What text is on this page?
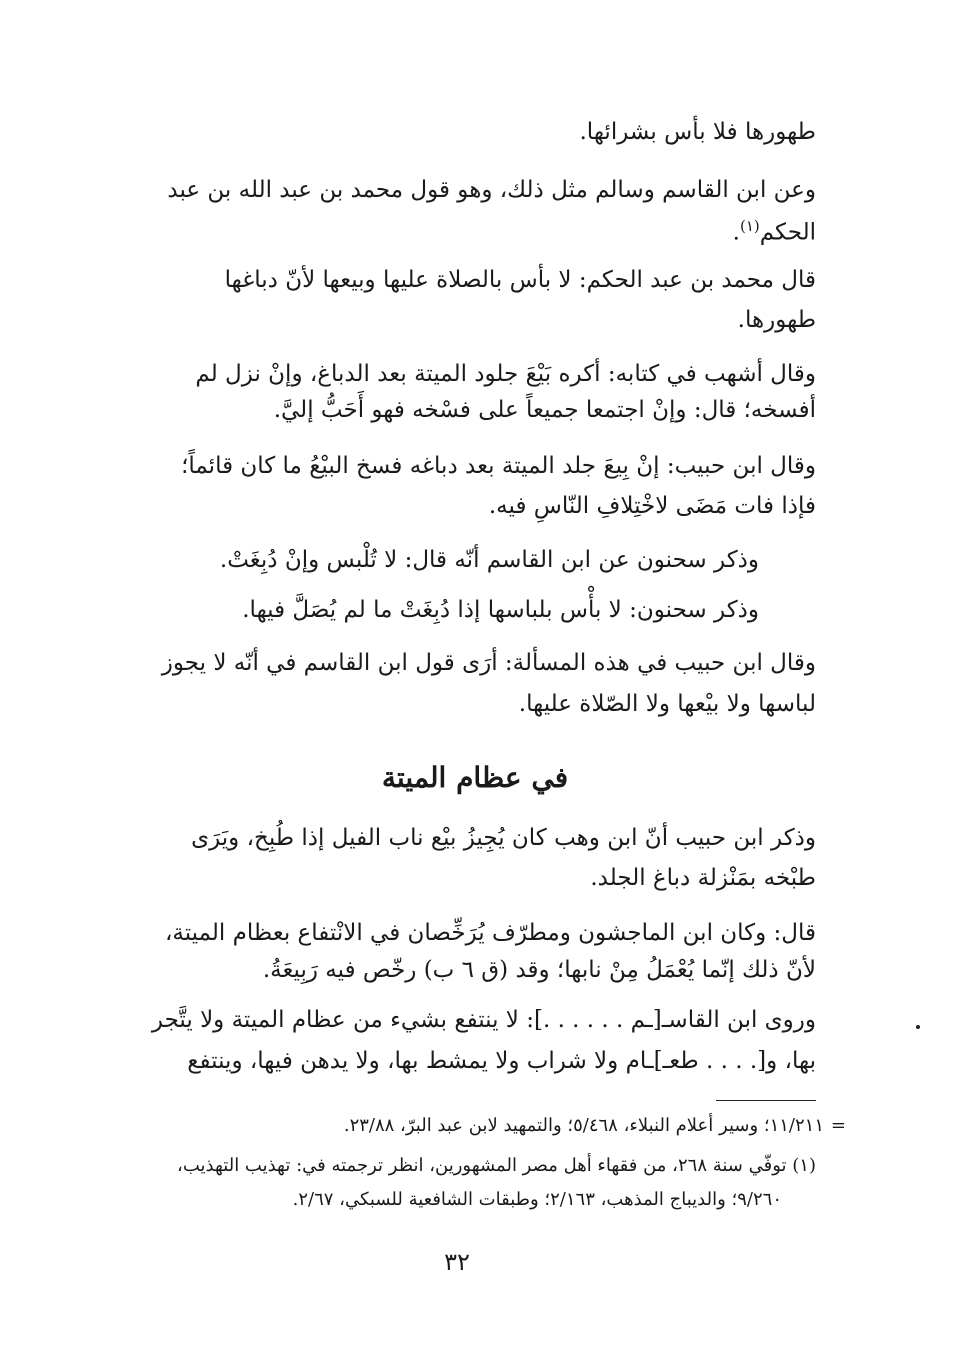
طهورها فلا بأس بشرائها.
وعن ابن القاسم وسالم مثل ذلك، وهو قول محمد بن عبد الله بن عبد
الحكم$^{(١)}$.
قال محمد بن عبد الحكم: لا بأس بالصلاة عليها وبيعها لأنّ دباغها
طهورها.
وقال أشهب في كتابه: أكره بَيْعَ جلود الميتة بعد الدباغ، وإنْ نزل لم
أفسخه؛ قال: وإنْ اجتمعا جميعاً على فسْخه فهو أَحَبُّ إليَّ.
وقال ابن حبيب: إنْ بِيعَ جلد الميتة بعد دباغه فسخ البيْعُ ما كان قائماً؛
فإذا فات مَضَى لاخْتِلافِ النّاسِ فيه.
وذكر سحنون عن ابن القاسم أنّه قال: لا تُلْبس وإنْ دُبِغَتْ.
وذكر سحنون: لا بأْس بلباسها إذا دُبِغَتْ ما لم يُصَلَّ فيها.
وقال ابن حبيب في هذه المسألة: أرَى قول ابن القاسم في أنّه لا يجوز
لباسها ولا بيْعها ولا الصّلاة عليها.
في عظام الميتة
وذكر ابن حبيب أنّ ابن وهب كان يُجِيزُ بيْع ناب الفيل إذا طُبِخ، ويَرَى
طبْخه بمَنْزلة دباغ الجلد.
قال: وكان ابن الماجشون ومطرّف يُرَخِّصان في الانْتفاع بعظام الميتة،
لأنّ ذلك إنّما يُعْمَلُ مِنْ نابها؛ وقد (ق ٦ ب) رخّص فيه رَبِيعَةُ.
وروى ابن القاسـ[ـم . . . . . .]: لا ينتفع بشيء من عظام الميتة ولا يتَّجر
بها، و[. . . . طعـ]ـام ولا شراب ولا يمشط بها، ولا يدهن فيها، وينتفع
١١/٢١١؛ وسير أعلام النبلاء، ٥/٤٦٨؛ والتمهيد لابن عبد البرّ، ٢٣/٨٨. =
(١) توفّي سنة ٢٦٨، من فقهاء أهل مصر المشهورين، انظر ترجمته في: تهذيب التهذيب،
٩/٢٦٠؛ والديباج المذهب، ٢/١٦٣؛ وطبقات الشافعية للسبكي، ٢/٦٧.
٣٢
